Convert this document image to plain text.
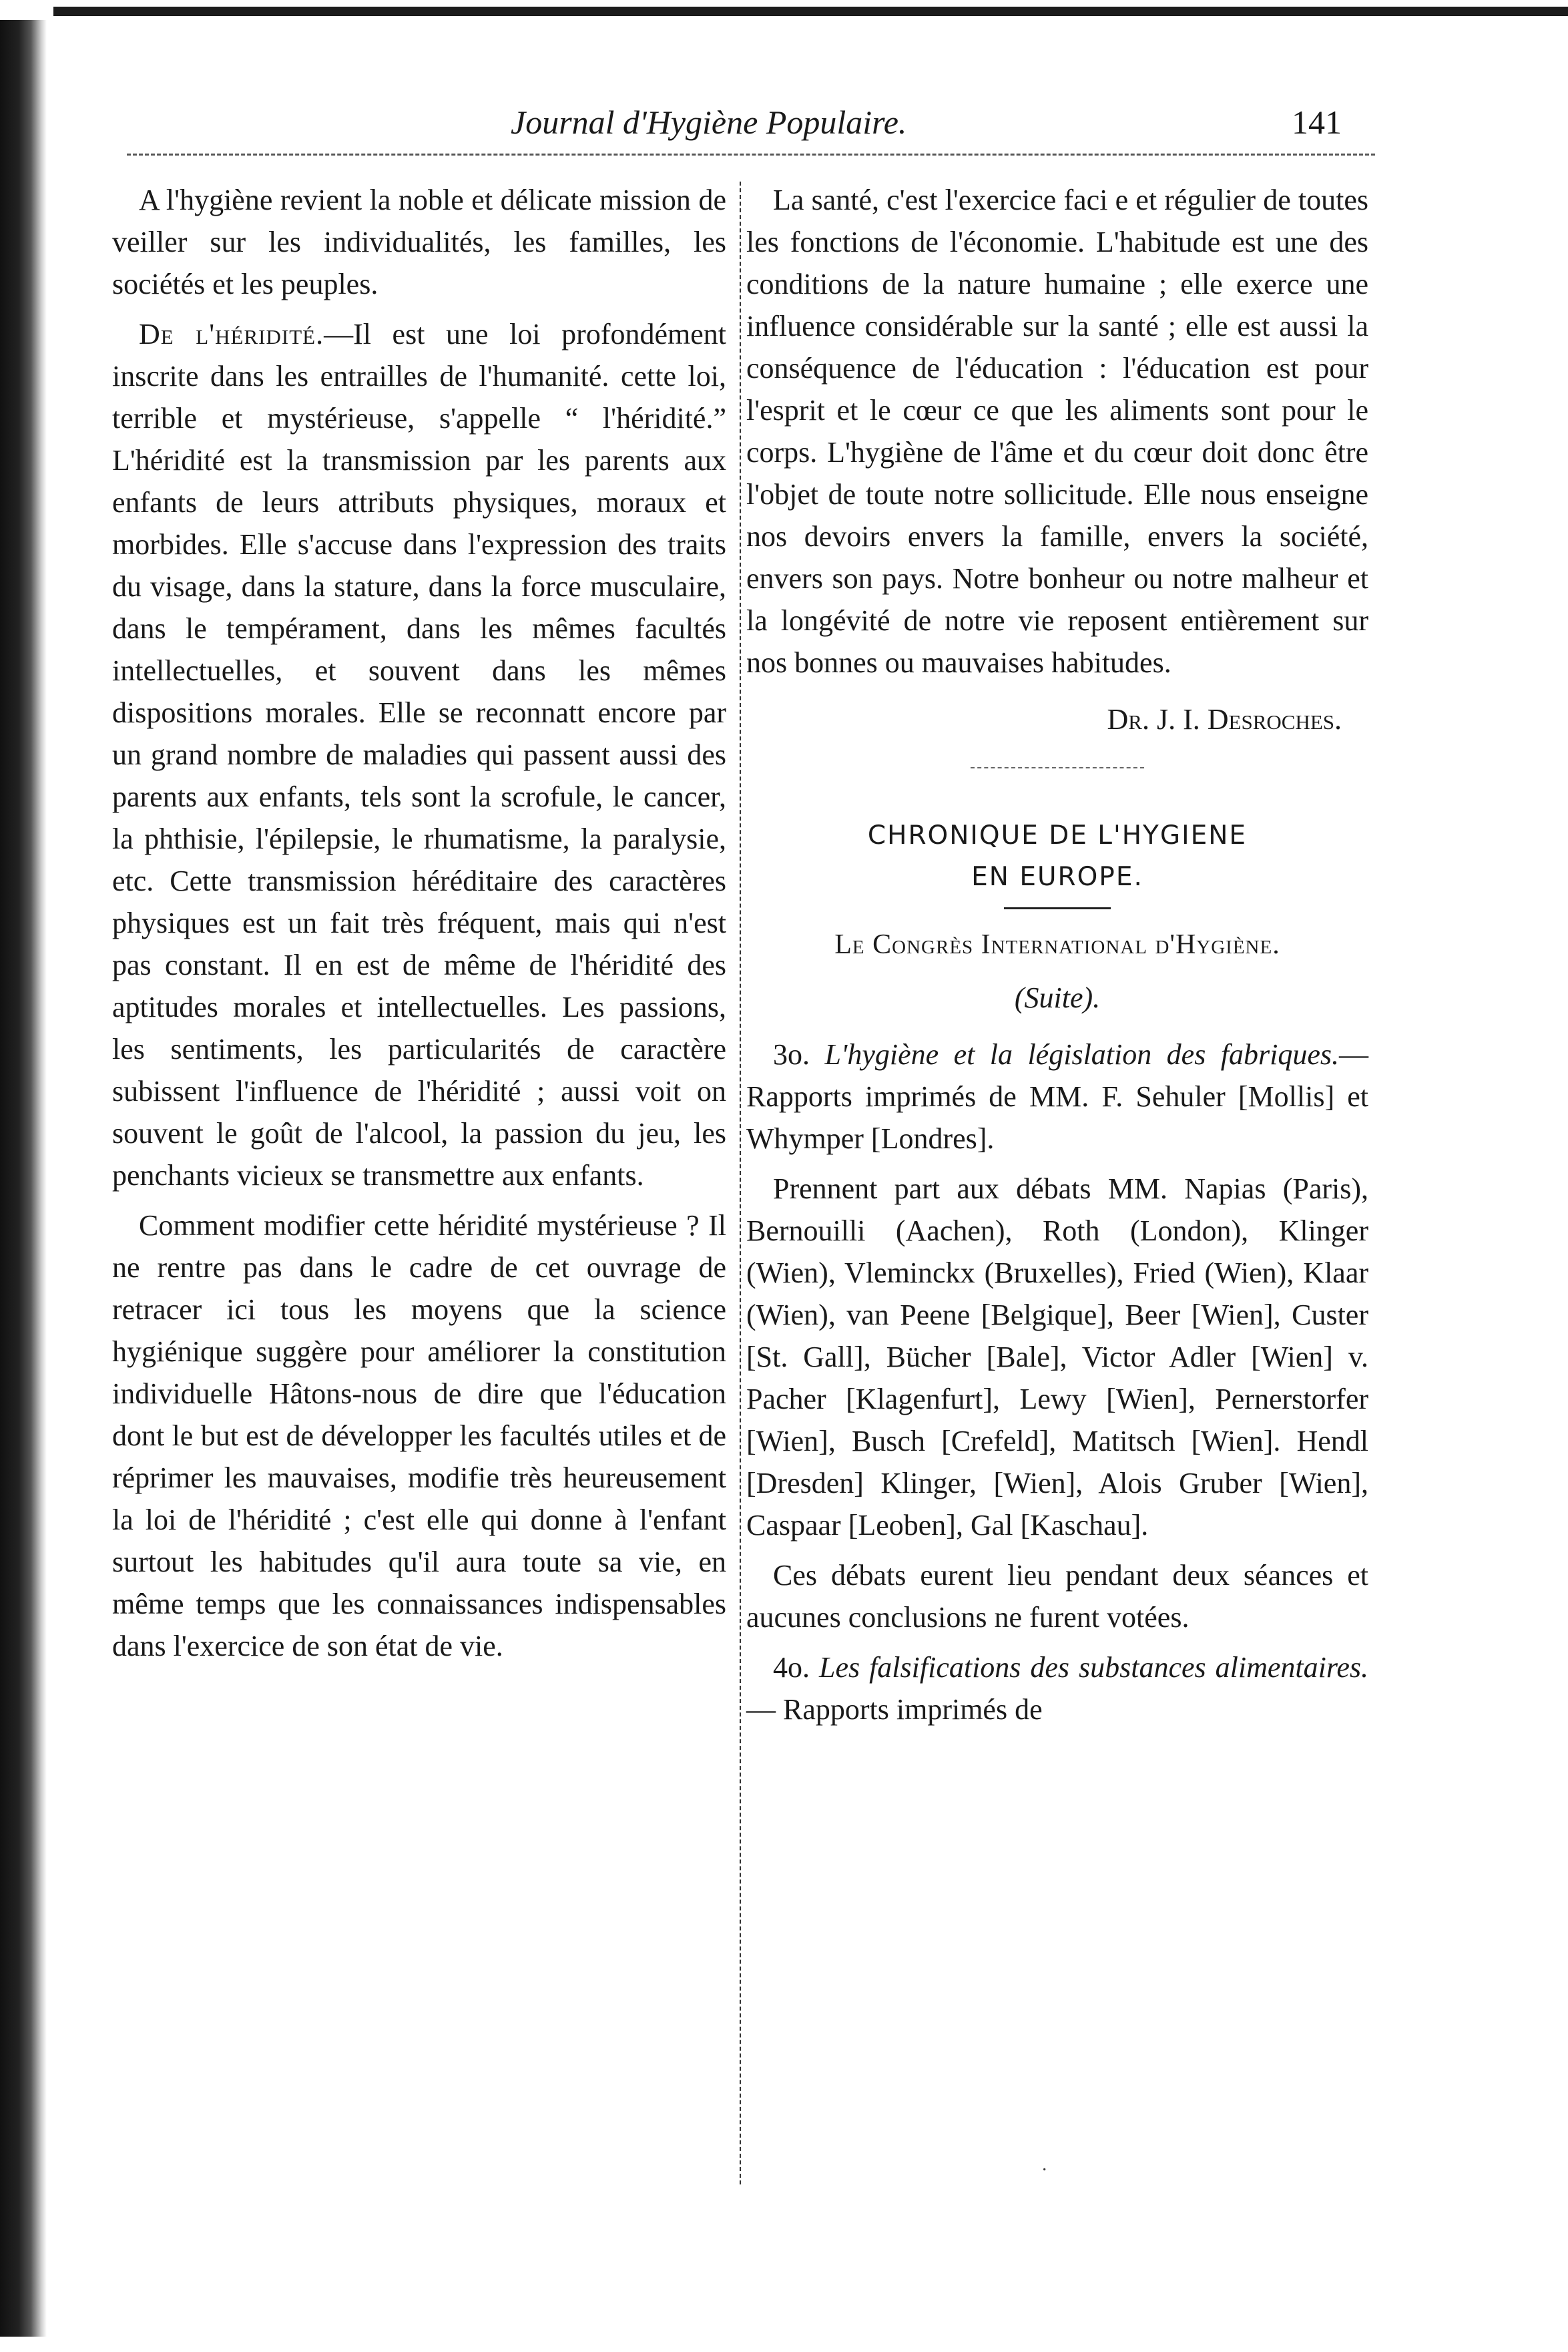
Journal d'Hygiène Populaire.	141

A l'hygiène revient la noble et délicate mission de veiller sur les individualités, les familles, les sociétés et les peuples.

De l'héridité.—Il est une loi profondément inscrite dans les entrailles de l'humanité. cette loi, terrible et mystérieuse, s'appelle “ l'héridité.” L'héridité est la transmission par les parents aux enfants de leurs attributs physiques, moraux et morbides. Elle s'accuse dans l'expression des traits du visage, dans la stature, dans la force musculaire, dans le tempérament, dans les mêmes facultés intellectuelles, et souvent dans les mêmes dispositions morales. Elle se reconnatt encore par un grand nombre de maladies qui passent aussi des parents aux enfants, tels sont la scrofule, le cancer, la phthisie, l'épilepsie, le rhumatisme, la paralysie, etc. Cette transmission héréditaire des caractères physiques est un fait très fréquent, mais qui n'est pas constant. Il en est de même de l'héridité des aptitudes morales et intellectuelles. Les passions, les sentiments, les particularités de caractère subissent l'influence de l'héridité ; aussi voit on souvent le goût de l'alcool, la passion du jeu, les penchants vicieux se transmettre aux enfants.

Comment modifier cette héridité mystérieuse ? Il ne rentre pas dans le cadre de cet ouvrage de retracer ici tous les moyens que la science hygiénique suggère pour améliorer la constitution individuelle Hâtons-nous de dire que l'éducation dont le but est de développer les facultés utiles et de réprimer les mauvaises, modifie très heureusement la loi de l'héridité ; c'est elle qui donne à l'enfant surtout les habitudes qu'il aura toute sa vie, en même temps que les connaissances indispensables dans l'exercice de son état de vie.

La santé, c'est l'exercice faci e et régulier de toutes les fonctions de l'économie. L'habitude est une des conditions de la nature humaine ; elle exerce une influence considérable sur la santé ; elle est aussi la conséquence de l'éducation : l'éducation est pour l'esprit et le cœur ce que les aliments sont pour le corps. L'hygiène de l'âme et du cœur doit donc être l'objet de toute notre sollicitude. Elle nous enseigne nos devoirs envers la famille, envers la société, envers son pays. Notre bonheur ou notre malheur et la longévité de notre vie reposent entièrement sur nos bonnes ou mauvaises habitudes.

Dr. J. I. Desroches.

CHRONIQUE DE L'HYGIENE
EN EUROPE.

Le Congrès International d'Hygiène.

(Suite).

3o. L'hygiène et la législation des fabriques.— Rapports imprimés de MM. F. Sehuler [Mollis] et Whymper [Londres].

Prennent part aux débats MM. Napias (Paris), Bernouilli (Aachen), Roth (London), Klinger (Wien), Vleminckx (Bruxelles), Fried (Wien), Klaar (Wien), van Peene [Belgique], Beer [Wien], Custer [St. Gall], Bücher [Bale], Victor Adler [Wien] v. Pacher [Klagenfurt], Lewy [Wien], Pernerstorfer [Wien], Busch [Crefeld], Matitsch [Wien]. Hendl [Dresden] Klinger, [Wien], Alois Gruber [Wien], Caspaar [Leoben], Gal [Kaschau].

Ces débats eurent lieu pendant deux séances et aucunes conclusions ne furent votées.

4o. Les falsifications des substances alimentaires. — Rapports imprimés de

·
